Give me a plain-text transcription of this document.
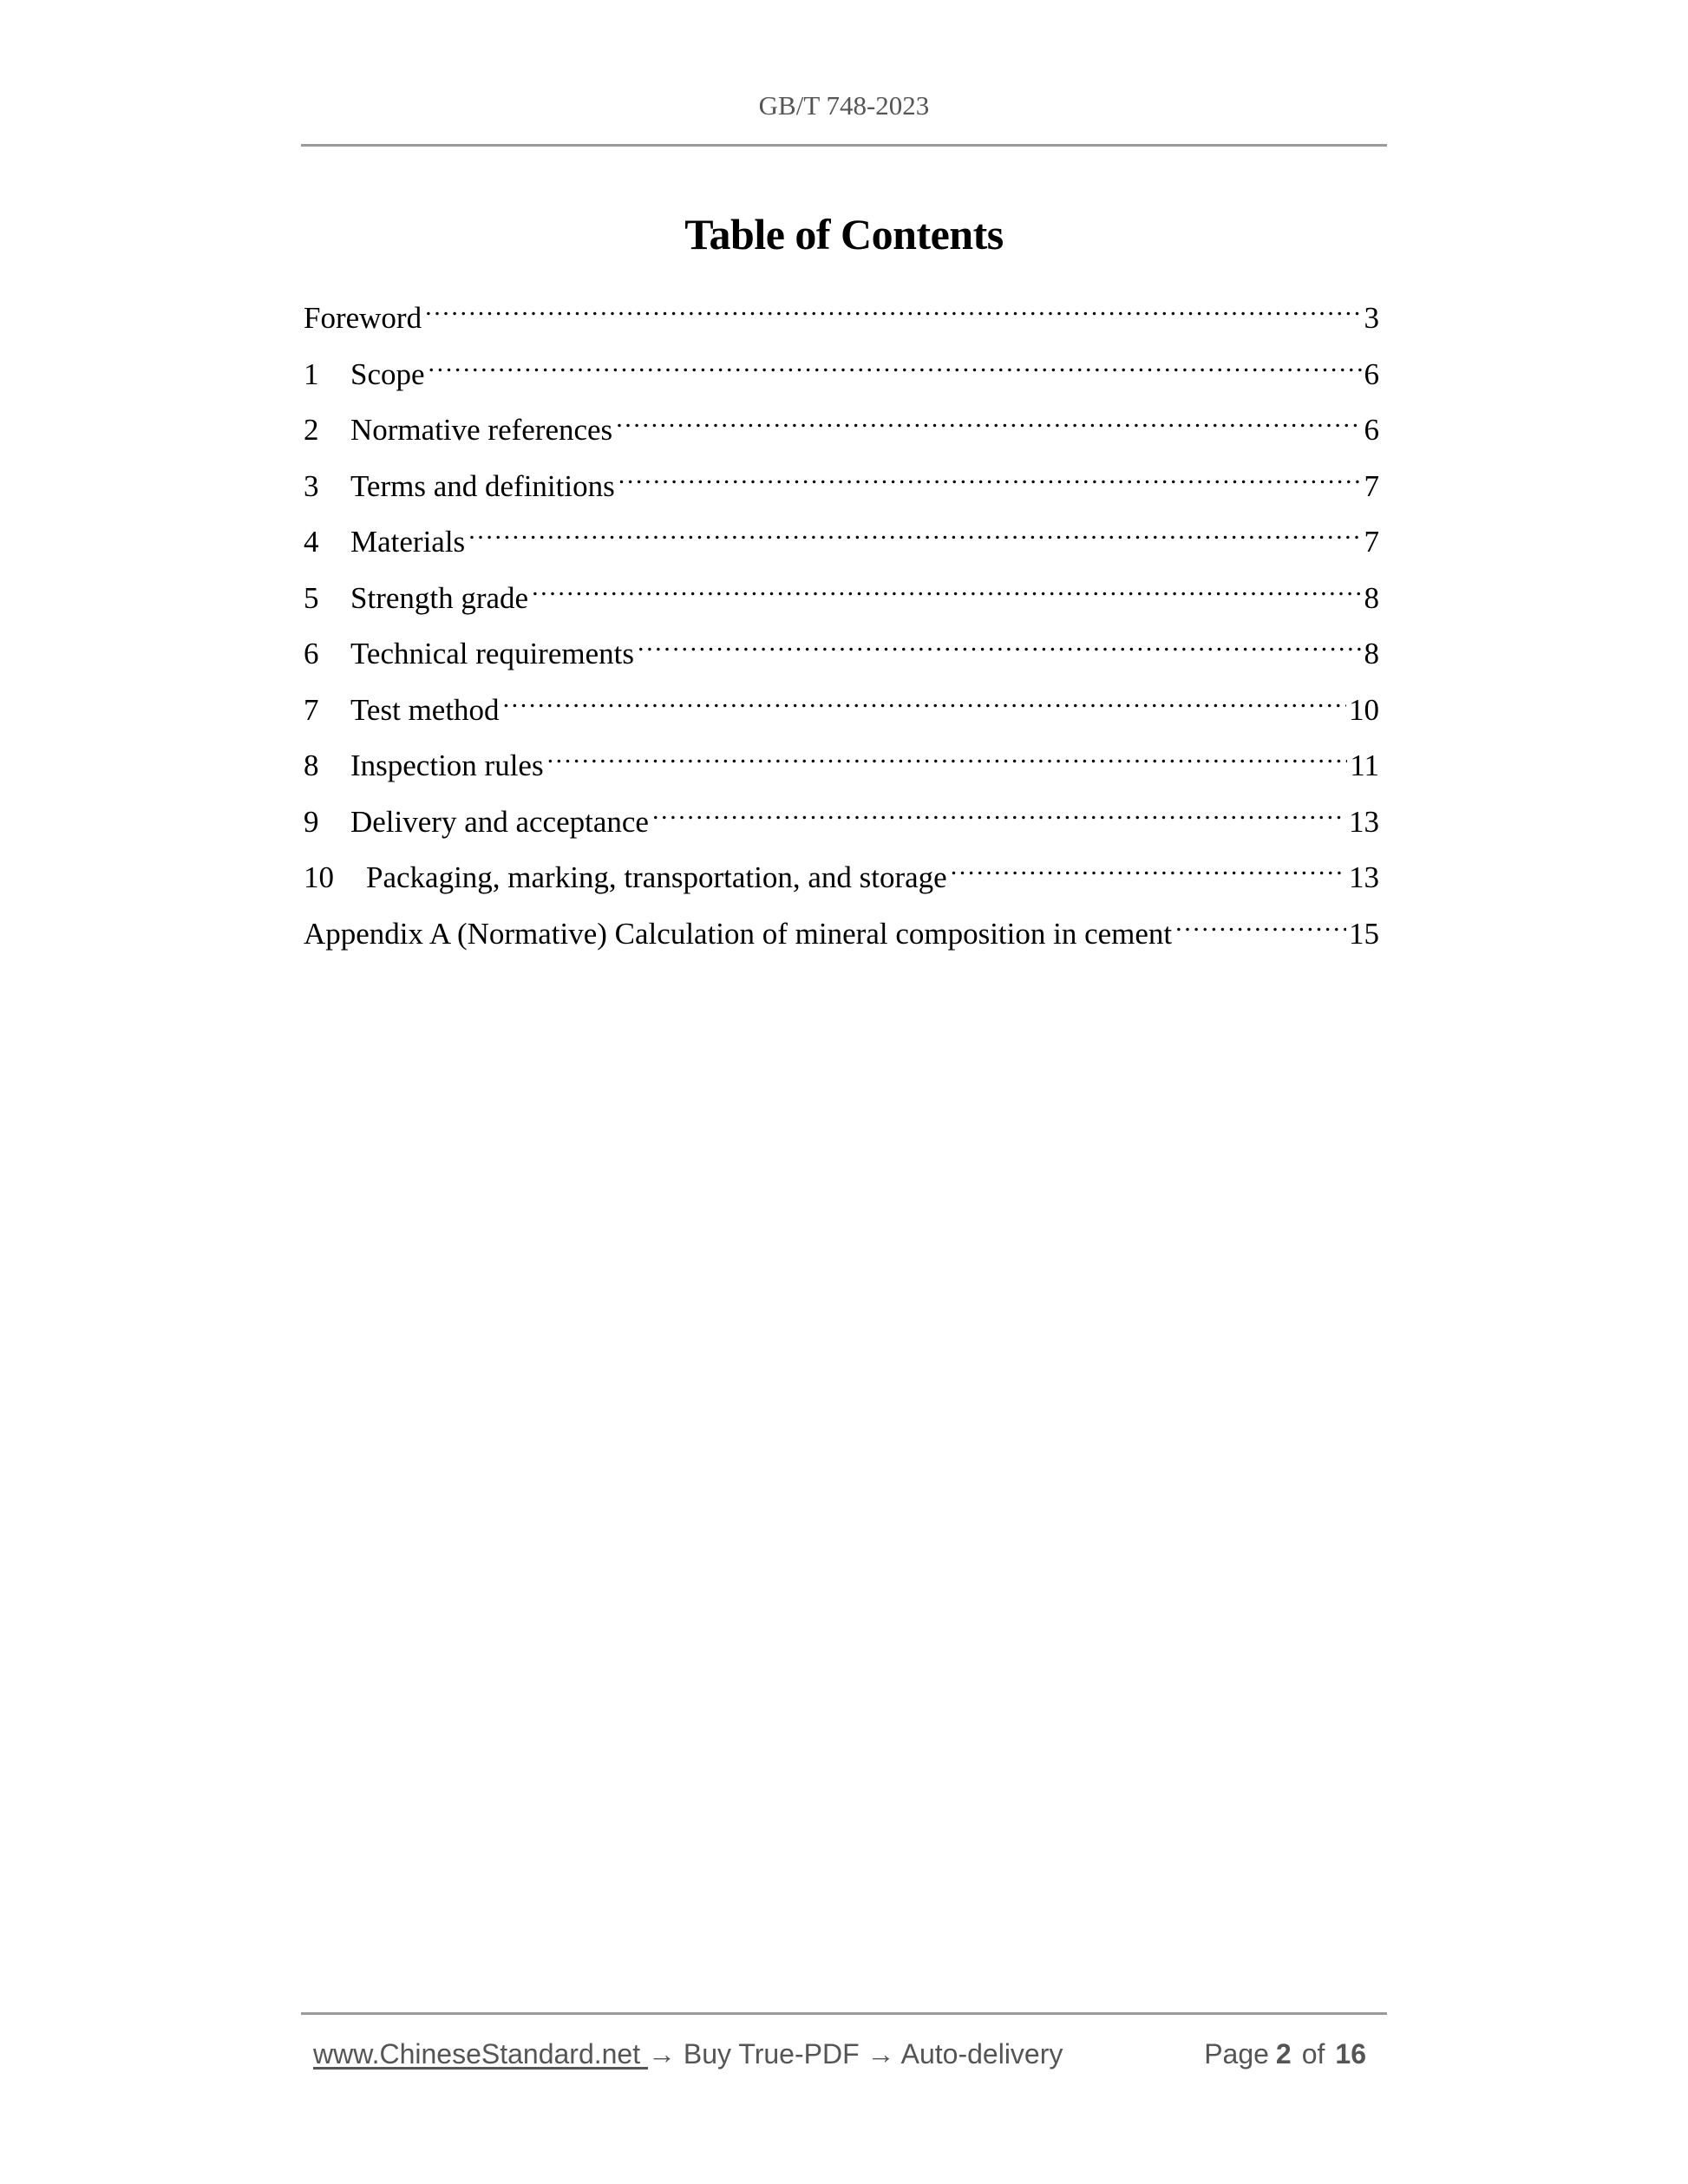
GB/T 748-2023
Table of Contents
Foreword .....	3
1	Scope .....	6
2	Normative references .....	6
3	Terms and definitions .....	7
4	Materials .....	7
5	Strength grade .....	8
6	Technical requirements .....	8
7	Test method .....	10
8	Inspection rules .....	11
9	Delivery and acceptance .....	13
10	Packaging, marking, transportation, and storage .....	13
Appendix A (Normative) Calculation of mineral composition in cement .....	15
www.ChineseStandard.net → Buy True-PDF → Auto-delivery	Page 2 of 16
